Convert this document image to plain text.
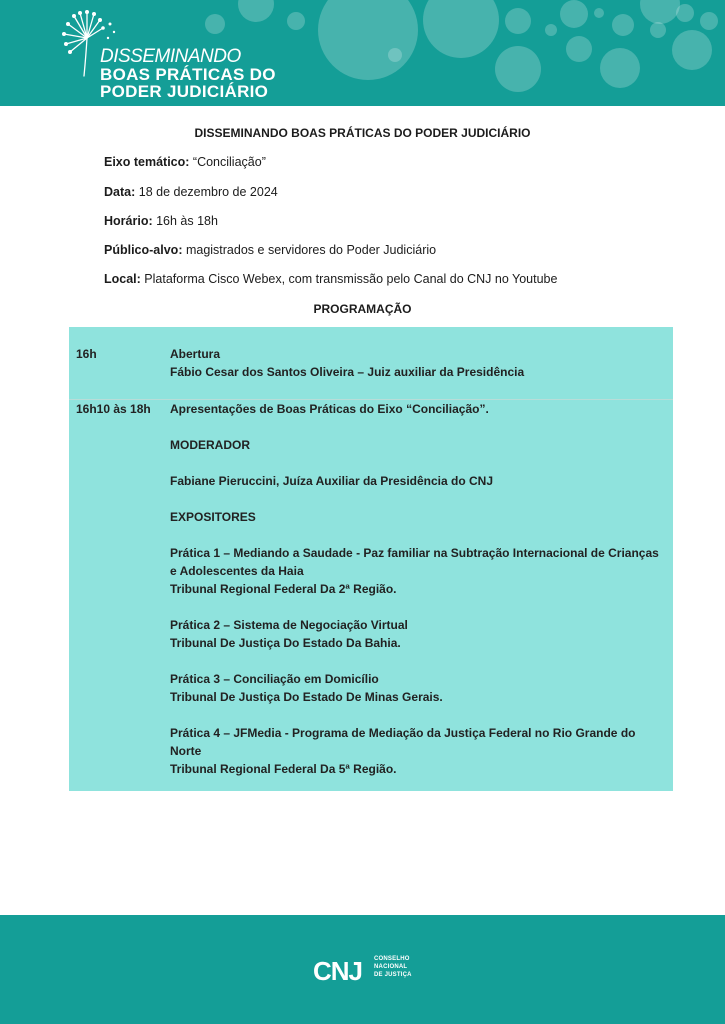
DISSEMINANDO
BOAS PRÁTICAS DO
PODER JUDICIÁRIO
DISSEMINANDO BOAS PRÁTICAS DO PODER JUDICIÁRIO
Eixo temático: “Conciliação”
Data: 18 de dezembro de 2024
Horário: 16h às 18h
Público-alvo: magistrados e servidores do Poder Judiciário
Local: Plataforma Cisco Webex, com transmissão pelo Canal do CNJ no Youtube
PROGRAMAÇÃO
16h	Abertura

Fábio Cesar dos Santos Oliveira – Juiz auxiliar da Presidência

16h10 às 18h Apresentações de Boas Práticas do Eixo “Conciliação”.

MODERADOR

Fabiane Pieruccini, Juíza Auxiliar da Presidência do CNJ

EXPOSITORES

Prática 1 – Mediando a Saudade - Paz familiar na Subtração Internacional de Crianças e Adolescentes da Haia

Tribunal Regional Federal Da 2ª Região.

Prática 2 – Sistema de Negociação Virtual

Tribunal De Justiça Do Estado Da Bahia.

Prática 3 – Conciliação em Domicílio

Tribunal De Justiça Do Estado De Minas Gerais.

Prática 4 – JFMedia - Programa de Mediação da Justiça Federal no Rio Grande do Norte

Tribunal Regional Federal Da 5ª Região.

CNJ CONSELHO
NACIONAL
DE JUSTIÇA
